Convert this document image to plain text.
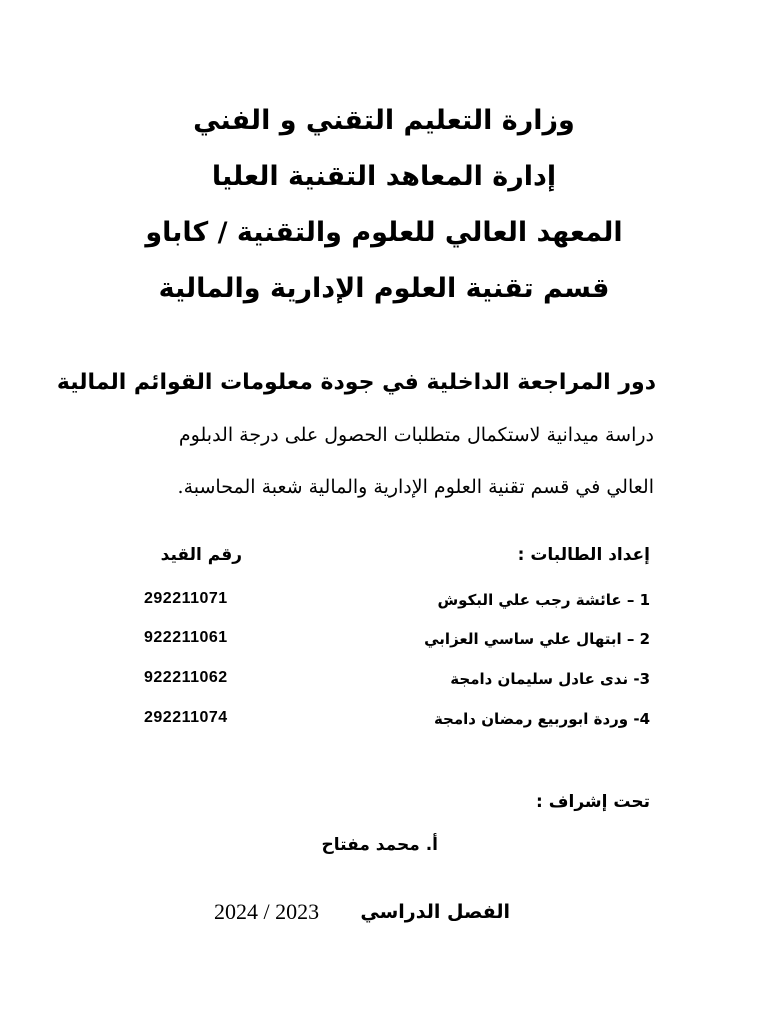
وزارة التعليم التقني و الفني
إدارة المعاهد التقنية العليا
المعهد العالي للعلوم والتقنية / كاباو
قسم تقنية العلوم الإدارية والمالية
دور المراجعة الداخلية في جودة معلومات القوائم المالية
دراسة ميدانية لاستكمال متطلبات الحصول على درجة الدبلوم
العالي في قسم تقنية العلوم الإدارية والمالية شعبة المحاسبة.
إعداد الطالبات :
رقم القيد
1 – عائشة رجب علي البكوش
292211071
2 – ابتهال علي ساسي العزابي
922211061
3- ندى عادل سليمان دامجة
922211062
4- وردة ابوربيع رمضان دامجة
292211074
تحت إشراف :
أ. محمد مفتاح
الفصل الدراسي
2024 / 2023
